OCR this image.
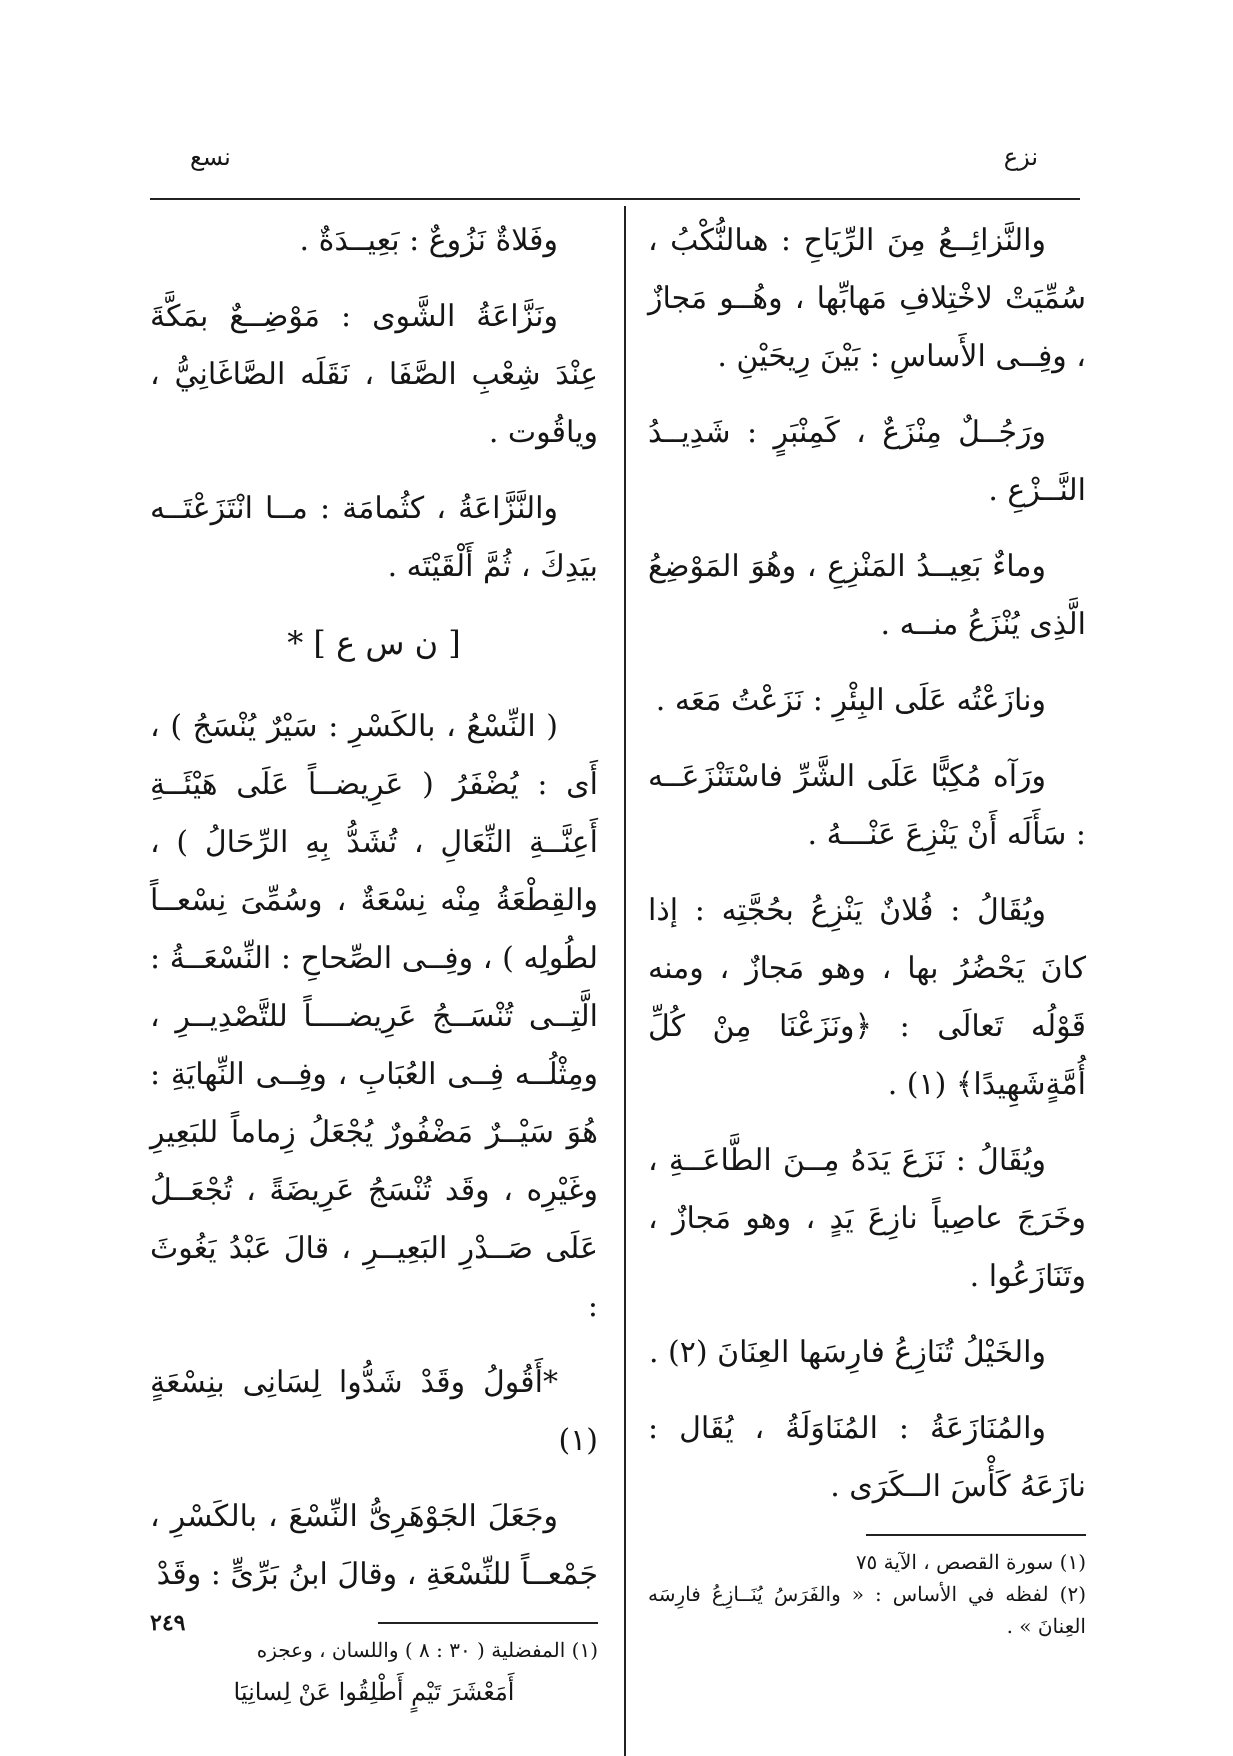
نزع
نسع

والنَّزائِــعُ مِنَ الرِّيَاحِ : هىالنُّكْبُ ، سُمِّيَتْ لاخْتِلافِ مَهابِّها ، وهُــو مَجازٌ ، وفِــى الأَساسِ : بَيْنَ رِيحَيْنِ .

ورَجُــلٌ مِنْزَعٌ ، كَمِنْبَرٍ : شَدِيــدُ النَّــزْعِ .

وماءٌ بَعِيــدُ المَنْزِعِ ، وهُوَ المَوْضِعُ الَّذِى يُنْزَعُ منــه .

ونازَعْتُه عَلَى البِئْرِ : نَزَعْتُ مَعَه .

ورَآه مُكِبًّا عَلَى الشَّرِّ فاسْتَنْزَعَــه : سَأَلَه أَنْ يَنْزِعَ عَنْـــهُ .

ويُقَالُ : فُلانٌ يَنْزِعُ بحُجَّتِه : إذا كانَ يَحْضُرُ بها ، وهو مَجازٌ ، ومنه قَوْلُه تَعالَى : ﴿ونَزَعْنَا مِنْ كُلِّ أُمَّةٍشَهِيدًا﴾ (١) .

ويُقَالُ : نَزَعَ يَدَهُ مِــنَ الطَّاعَــةِ ، وخَرَجَ عاصِياً نازِعَ يَدٍ ، وهو مَجازٌ ، وتَنَازَعُوا .

والخَيْلُ تُنَازِعُ فارِسَها العِنَانَ (٢) .

والمُنَازَعَةُ : المُنَاوَلَةُ ، يُقَال : نازَعَهُ كَأْسَ الــكَرَى .

(١) سورة القصص ، الآية ٧٥

(٢) لفظه في الأساس : « والفَرَسُ يُنَــازِعُ فارِسَه العِنانَ » .

وفَلاةٌ نَزُوعٌ : بَعِيــدَةٌ .

ونَزَّاعَةُ الشَّوى : مَوْضِــعٌ بمَكَّةَ عِنْدَ شِعْبِ الصَّفَا ، نَقَلَه الصَّاغَانِيُّ ، وياقُوت .

والنَّزَّاعَةُ ، كثُمامَة : مــا انْتَزَعْتَــه بيَدِكَ ، ثُمَّ أَلْقَيْتَه .

[ ن س ع ] *

( النِّسْعُ ، بالكَسْرِ : سَيْرٌ يُنْسَجُ ) ، أَى : يُضْفَرُ ( عَرِيضــاً عَلَى هَيْئَــةِ أَعِنَّــةِ النِّعَالِ ، تُشَدُّ بِهِ الرِّحَالُ ) ، والقِطْعَةُ مِنْه نِسْعَةٌ ، وسُمِّىَ نِسْعــاً لطُولِه ) ، وفِــى الصِّحاحِ : النِّسْعَــةُ : الَّتِــى تُنْسَــجُ عَرِيضــــاً للتَّصْدِيــرِ ، ومِثْلُــه فِــى العُبَابِ ، وفِــى النِّهايَةِ : هُوَ سَيْــرٌ مَضْفُورٌ يُجْعَلُ زِماماً للبَعِيرِ وغَيْرِه ، وقَد تُنْسَجُ عَرِيضَةً ، تُجْعَــلُ عَلَى صَــدْرِ البَعِيــرِ ، قالَ عَبْدُ يَغُوثَ :

*أَقُولُ وقَدْ شَدُّوا لِسَانِى بنِسْعَةٍ (١)

وجَعَلَ الجَوْهَرِىُّ النِّسْعَ ، بالكَسْرِ ، جَمْعــاً للنِّسْعَةِ ، وقالَ ابنُ بَرِّىٍّ : وقَدْ

(١) المفضلية ( ٣٠ : ٨ ) واللسان ، وعجزه

أَمَعْشَرَ تَيْمٍ أَطْلِقُوا عَنْ لِسانِيَا

٢٤٩
